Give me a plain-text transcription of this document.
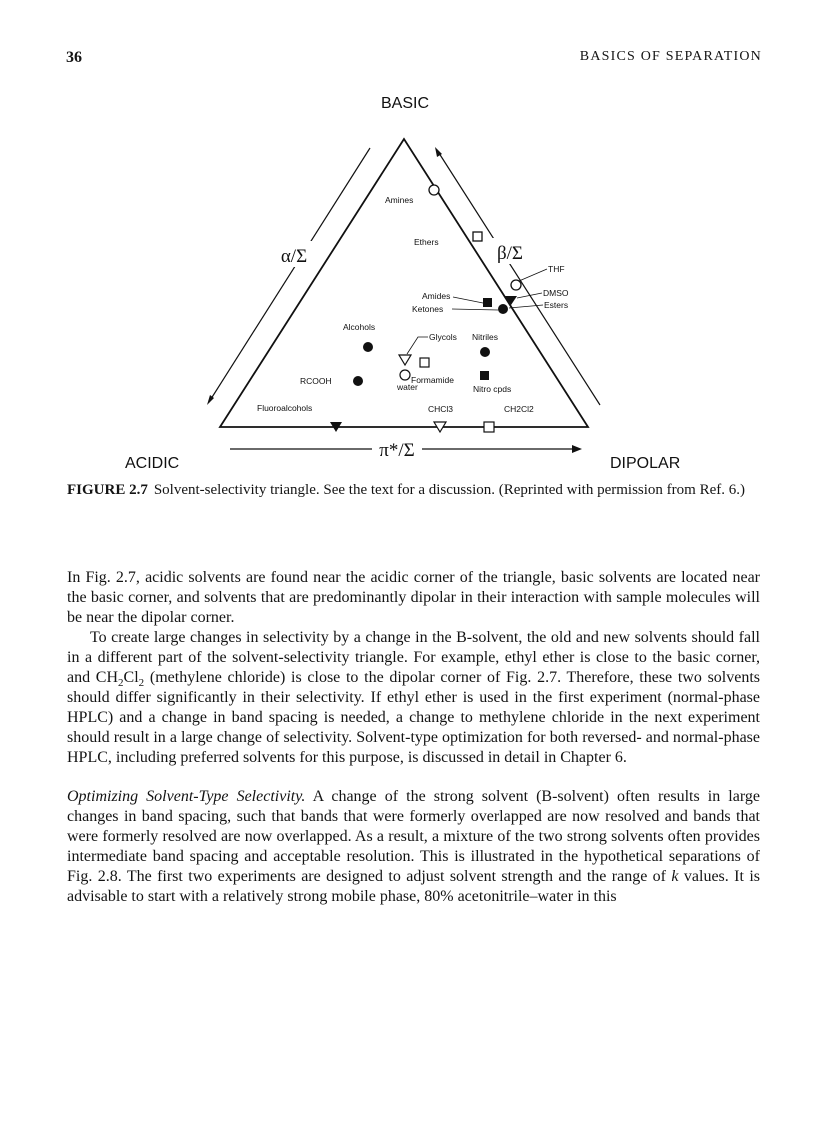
36	BASICS OF SEPARATION
BASIC
ACIDIC	DIPOLAR
α/Σ	β/Σ
π*/Σ
Amines
Ethers
THF
DMSO
Esters
Amides
Ketones
Alcohols
Glycols Nitriles
Formamide
water	Nitro cpds
RCOOH
Fluoroalcohols	CHCl3	CH2Cl2
FIGURE 2.7 Solvent-selectivity triangle. See the text for a discussion. (Reprinted with permission from Ref. 6.)

In Fig. 2.7, acidic solvents are found near the acidic corner of the triangle, basic solvents are located near the basic corner, and solvents that are predominantly dipolar in their interaction with sample molecules will be near the dipolar corner.

To create large changes in selectivity by a change in the B-solvent, the old and new solvents should fall in a different part of the solvent-selectivity triangle. For example, ethyl ether is close to the basic corner, and $CH_2Cl_2$ (methylene chloride) is close to the dipolar corner of Fig. 2.7. Therefore, these two solvents should differ significantly in their selectivity. If ethyl ether is used in the first experiment (normal-phase HPLC) and a change in band spacing is needed, a change to methylene chloride in the next experiment should result in a large change of selectivity. Solvent-type optimization for both reversed- and normal-phase HPLC, including preferred solvents for this purpose, is discussed in detail in Chapter 6.

Optimizing Solvent-Type Selectivity. A change of the strong solvent (B-solvent) often results in large changes in band spacing, such that bands that were formerly overlapped are now resolved and bands that were formerly resolved are now overlapped. As a result, a mixture of the two strong solvents often provides intermediate band spacing and acceptable resolution. This is illustrated in the hypothetical separations of Fig. 2.8. The first two experiments are designed to adjust solvent strength and the range of k values. It is advisable to start with a relatively strong mobile phase, 80% acetonitrile–water in this
